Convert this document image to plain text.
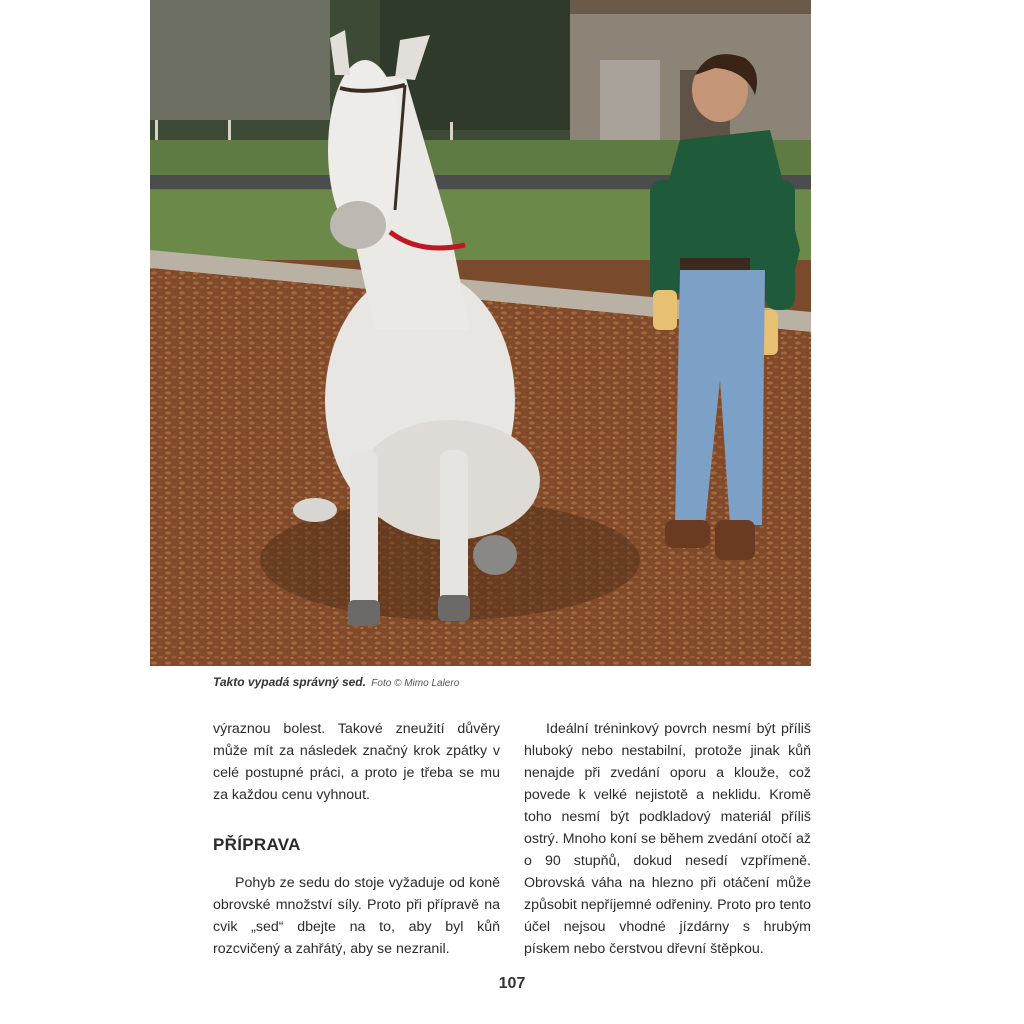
Takto vypadá správný sed. Foto © Mimo Lalero

výraznou bolest. Takové zneužití důvěry může mít za následek značný krok zpátky v celé postupné práci, a proto je třeba se mu za každou cenu vyhnout.

PŘÍPRAVA

Pohyb ze sedu do stoje vyžaduje od koně obrovské množství síly. Proto při přípravě na cvik „sed“ dbejte na to, aby byl kůň rozcvičený a zahřátý, aby se nezranil.

Ideální tréninkový povrch nesmí být příliš hluboký nebo nestabilní, protože jinak kůň nenajde při zvedání oporu a klouže, což povede k velké nejistotě a neklidu. Kromě toho nesmí být podkladový materiál příliš ostrý. Mnoho koní se během zvedání otočí až o 90 stupňů, dokud nesedí vzpřímeně. Obrovská váha na hlezno při otáčení může způsobit nepříjemné odřeniny. Proto pro tento účel nejsou vhodné jízdárny s hrubým pískem nebo čerstvou dřevní štěpkou.

107
